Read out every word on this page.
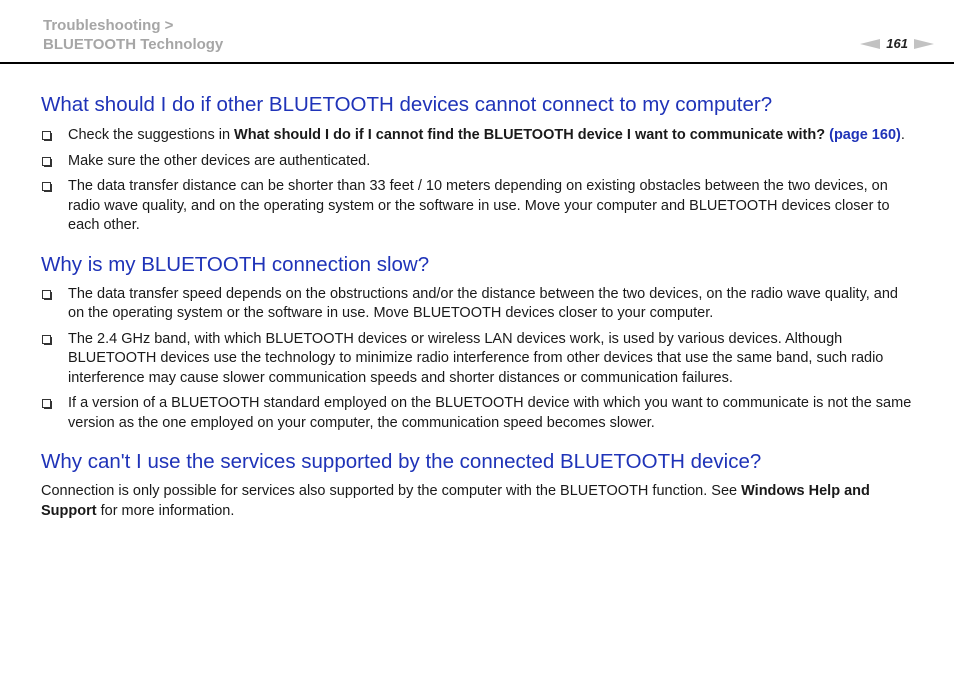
Troubleshooting >
BLUETOOTH Technology	161
What should I do if other BLUETOOTH devices cannot connect to my computer?
Check the suggestions in What should I do if I cannot find the BLUETOOTH device I want to communicate with? (page 160).
Make sure the other devices are authenticated.
The data transfer distance can be shorter than 33 feet / 10 meters depending on existing obstacles between the two devices, on radio wave quality, and on the operating system or the software in use. Move your computer and BLUETOOTH devices closer to each other.
Why is my BLUETOOTH connection slow?
The data transfer speed depends on the obstructions and/or the distance between the two devices, on the radio wave quality, and on the operating system or the software in use. Move BLUETOOTH devices closer to your computer.
The 2.4 GHz band, with which BLUETOOTH devices or wireless LAN devices work, is used by various devices. Although BLUETOOTH devices use the technology to minimize radio interference from other devices that use the same band, such radio interference may cause slower communication speeds and shorter distances or communication failures.
If a version of a BLUETOOTH standard employed on the BLUETOOTH device with which you want to communicate is not the same version as the one employed on your computer, the communication speed becomes slower.
Why can't I use the services supported by the connected BLUETOOTH device?
Connection is only possible for services also supported by the computer with the BLUETOOTH function. See Windows Help and Support for more information.
